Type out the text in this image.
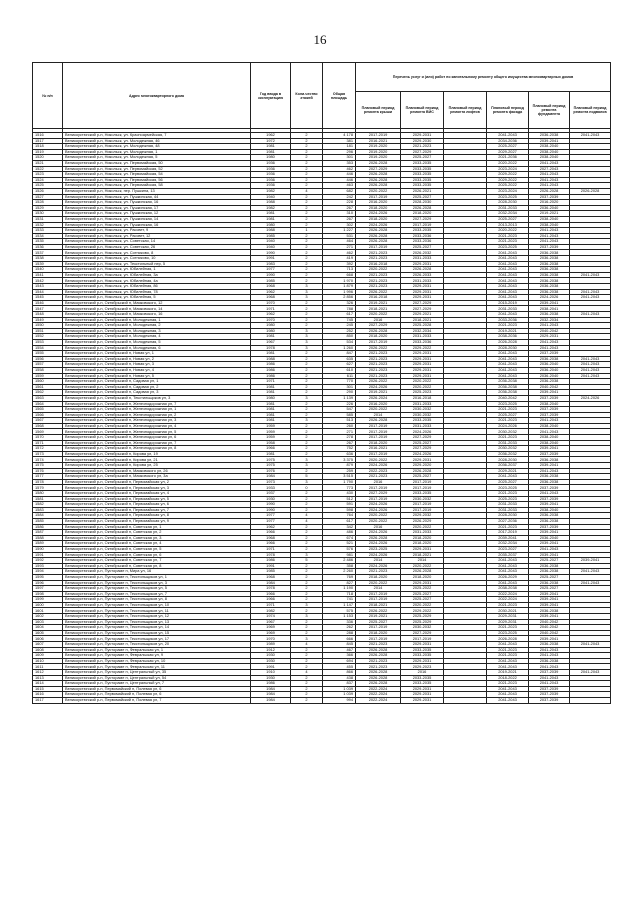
16
№ п/п	Адрес многоквартирного дома	Год ввода в эксплуатацию	Коли-чество этажей	Общая площадь	Перечень услуг и (или) работ по капитальному ремонту общего имущества многоквартирных домов					
					Плановый период ремонта крыши	Плановый период ремонта ВИС	Плановый период ремонта лифтов	Плановый период ремонта фасада	Плановый период ремонта фундамента	Плановый период ремонта подвалов

1516	Великоустюгский р-н, Никольск, ул. Красноармейская, 7	1962	2	4 178	2017-2019	2029-2031		2041-2043	2036-2038	2041-2043
1517	Великоустюгский р-н, Никольск, ул. Молодежная, 46	1972	2	381	2016-2021	2029-2030		2034-2036	2039-2041	
1518	Великоустюгский р-н, Никольск, ул. Молодежная, 48	1981	2	181	2019-2020	2021-2023		2025-2027	2038-2040	
1519	Великоустюгский р-н, Никольск, ул. Молодежная, 1	1981	2	296	2019-2020	2027-2029		2029-2027	2038-2040	
1520	Великоустюгский р-н, Никольск, ул. Молодежная, 5	1980	2	301	2019-2020	2025-2027		2021-2036	2038-2040	
1521	Великоустюгский р-н, Никольск, ул. Первомайская, 50	1936	2	353	2026-2028	2033-2035		2020-2022	2041-2043	
1522	Великоустюгский р-н, Никольск, ул. Первомайская, 52	1936	2	462	2027-2029	2033-2035		2023-2024	2027-2043	
1523	Великоустюгский р-н, Никольск, ул. Первомайская, 54	1936	2	446	2026-2028	2033-2035		2029-2022	2041-2043	
1524	Великоустюгский р-н, Никольск, ул. Первомайская, 56	1936	2	446	2026-2028	2033-2035		2029-2022	2041-2043	
1525	Великоустюгский р-н, Никольск, ул. Первомайская, 58	1936	2	463	2026-2028	2033-2035		2025-2022	2041-2043	
1526	Великоустюгский р-н, Никольск, пер. Пушкина, 13	1982	4	682	2020-2022	2026-2021		2023-2024	2026-2028	2026-2028
1527	Великоустюгский р-н, Никольск, ул. Пушкинская, 44	1940	2	242	2017-2019	2025-2027		2023-2025	2037-2039	
1528	Великоустюгский р-н, Никольск, ул. Пушкинская, 16	1988	2	228	2016-2020	2028-2030		2028-2030	2016-2020	
1529	Великоустюгский р-н, Никольск, ул. Пушкинская, 17	1982	2	267	2018-2020	2026-2028		2031-2033	2036-2040	
1530	Великоустюгский р-н, Никольск, ул. Пушкинская, 12	1981	2	310	2024-2026	2018-2020		2032-2034	2019-2021	
1531	Великоустюгский р-н, Никольск, ул. Пушкинская, 14	1981	2	267	2018-2020	2027-2029		2025-2027	2038-2040	
1532	Великоустюгский р-н, Никольск, ул. Пушкинская, 16	1980	2	302	2024-2026	2017-2019		2013-2013	2038-2040	
1533	Великоустюгский р-н, Никольск, ул. Рассвет, 9	1988	1	1 227	2026-2028	2033-2035		2020-2022	2041-2043	
1534	Великоустюгский р-н, Никольск, ул. Рассвет, 12	1985	2	531	2026-2028	2033-2036		2021-2023	2041-2043	
1535	Великоустюгский р-н, Никольск, ул. Советская, 14	1940	2	464	2026-2028	2033-2036		2021-2023	2041-2043	
1536	Великоустюгский р-н, Никольск, ул. Советская, 26	1940	2	271	2017-2019	2025-2027		2023-2025	2037-2039	
1537	Великоустюгский р-н, Никольск, ул. Сотниково, 8	1990	2	462	2021-2023	2026-2032		2041-2043	2036-2038	
1538	Великоустюгский р-н, Никольск, ул. Сотниково, 10	1991	2	419	2021-2023	2031-2033		2041-2043	2036-2038	
1539	Великоустюгский р-н, Никольск, ул. Текстильный пер, 5	1983	2	392	2016-2018	2029-2031		2041-2043	2036-2038	
1540	Великоустюгский р-н, Никольск, ул. Юбилейная, 1	1977	2	713	2020-2022	2026-2028		2041-2043	2036-2038	
1541	Великоустюгский р-н, Никольск, ул. Юбилейная, 3а	1990	2	668	2021-2023	2026-2033		2041-2043	2036-2038	2041-2043
1542	Великоустюгский р-н, Никольск, ул. Юбилейная, 4а	1985	2	1 970	2021-2023	2031-2033		2041-2043	2036-2038	
1543	Великоустюгский р-н, Никольск, ул. Юбилейная, 86	1968	3	1 879	2021-2023	2029-2031		2041-2043	2036-2038	
1544	Великоустюгский р-н, Никольск, ул. Юбилейная, 78	1962	3	1 996	2026-2022	2029-2031		2041-2043	2036-2038	2041-2043
1545	Великоустюгский р-н, Никольск, ул. Юбилейная, 5	1968	3	2 856	2016-2018	2029-2031		2041-2043	2024-2026	2041-2043
1546	Великоустюгский р-н, Октябрьский п, Маяковского, 12	1970	2	326	2019-2021	2027-2029		2015-2019	2039-2041	
1547	Великоустюгский р-н, Октябрьский п, Маяковского, 14	1971	2	788	2018-2021	2027-2029		2031-2033	2038-2041	
1548	Великоустюгский р-н, Октябрьский п, Маяковского, 16	1962	2	617	2020-2022	2029-2021		2041-2043	2036-2038	2041-2043
1549	Великоустюгский р-н, Октябрьский п, Молодежная, 1	1970	2	745	2016	2018-2021		2033-2036	2032-2034	
1550	Великоустюгский р-н, Октябрьский п, Молодежная, 2	1980	2	245	2027-2029	2025-2028		2021-2023	2041-2043	
1551	Великоустюгский р-н, Октябрьский п, Молодежная, 3	1980	3	252	2026-2028	2032-2034		2019-2021	2040-2042	
1552	Великоустюгский р-н, Октябрьский п, Молодежная, 4	1981	3	850	2018-2020	2031-2033		2038-2036	2029-2031	
1553	Великоустюгский р-н, Октябрьский п, Молодежная, 5	1967	3	534	2017-2019	2033-2036		2026-2028	2041-2043	
1554	Великоустюгский р-н, Октябрьский п, Молодежная, 6	1978	3	1 260	2026-2022	2029-2022		2028-2030	2041-2043	
1555	Великоустюгский р-н, Октябрьский п, Новая ул, 1	1981	2	847	2021-2023	2029-2031		2041-2043	2037-2039	
1556	Великоустюгский р-н, Октябрьский п, Новая ул, 2	1988	2	635	2021-2023	2029-2031		2041-2043	2036-2038	2041-2043
1557	Великоустюгский р-н, Октябрьский п, Новая ул, 3	1986	2	627	2021-2023	2029-2031		2041-2043	2036-2040	2041-2043
1558	Великоустюгский р-н, Октябрьский п, Новая ул, 4	1986	2	610	2021-2023	2029-2031		2041-2043	2036-2040	2041-2043
1559	Великоустюгский р-н, Октябрьский п, Новая ул, 5	1986	2	611	2021-2023	2029-2031		2041-2043	2036-2040	2041-2043
1560	Великоустюгский р-н, Октябрьский п, Садовая ул, 1	1971	2	770	2026-2022	2020-2022		2036-2038	2036-2038	
1561	Великоустюгский р-н, Октябрьский п, Садовая ул, 2	1981	2	301	2024-2026	2020-2022		2036-2038	2040-2042	
1562	Великоустюгский р-н, Октябрьский п, Садовая ул, 3	1981	2	290	2019-2021	2025-2023		2036-2038	2039-2041	
1563	Великоустюгский р-н, Октябрьский п, Текстильщиков ул, 3	1980	3	1 139	2026-2024	2016-2018		2040-2042	2037-2039	2024-2026
1564	Великоустюгский р-н, Октябрьский п, Железнодорожная ул, 7	1981	2	226	2016-2020	2031-2033		2023-2025	2038-2040	
1565	Великоустюгский р-н, Октябрьский п, Железнодорожная ул, 1	1981	2	547	2020-2022	2030-2032		2021-2023	2037-2039	
1566	Великоустюгский р-н, Октябрьский п, Железнодорожная ул, 2	1981	2	585	2014	2030-2032		2025-2027	2037-2039	
1567	Великоустюгский р-н, Октябрьский п, Железнодорожная ул, 3	1981	3	513	2026-2028	2033-2035		2021-2023	2041-2043	
1568	Великоустюгский р-н, Октябрьский п, Железнодорожная ул, 4	1959	2	260	2017-2019	2031-2033		2024-2026	2038-2040	
1569	Великоустюгский р-н, Октябрьский п, Железнодорожная ул, 5	1959	2	271	2017-2019	2024-2026		2030-2032	2041-2043	
1570	Великоустюгский р-н, Октябрьский п, Железнодорожная ул, 6	1959	2	278	2017-2019	2027-2029		2021-2023	2038-2040	
1571	Великоустюгский р-н, Октябрьский п, Железнодорожная ул, 7	1958	2	267	2018-2020	2025-2027		2031-2033	2038-2040	
1572	Великоустюгский р-н, Октябрьский п, Железнодорожная ул, 8	1966	2	752	2016-2021	2027-2029		2030-2032	2039-2041	
1573	Великоустюгский р-н, Октябрьский п, Кирова ул, 19	1981	2	636	2017-2019	2024-2026		2036-2032	2037-2039	
1574	Великоустюгский р-н, Октябрьский п, Кирова ул, 21	1975	3	3 375	2020-2022	2029-2031		2028-2030	2036-2038	
1575	Великоустюгский р-н, Октябрьский п, Кирова ул, 25	1975	3	879	2024-2026	2029-2020		2036-2037	2039-2041	
1576	Великоустюгский р-н, Октябрьский п, Маяковского ул, 26	1976	2	259	2022-2023	2026-2028		2029-2021	2041-2043	
1577	Великоустюгский р-н, Октябрьский п, Маяковского ул, 3а	1984	5	3 515	2021-2023	2025-2027		2041-2043	2036-2038	
1578	Великоустюгский р-н, Октябрьский п, Первомайская ул, 2	1973	3	1 790	2016	2017-2019		2025-2027	2036-2038	
1579	Великоустюгский р-н, Октябрьский п, Первомайская ул, 3	1933	0	773	2017-2019	2017-2019		2023-2025	2037-2039	
1580	Великоустюгский р-н, Октябрьский п, Первомайская ул, 4	1937	2	430	2027-2029	2033-2035		2021-2023	2041-2043	
1581	Великоустюгский р-н, Октябрьский п, Первомайская ул, 5	1930	2	512	2017-2019	2030-2032		2025-2023	2037-2039	
1582	Великоустюгский р-н, Октябрьский п, Первомайская ул, 6	1990	2	591	2024-2026	2017-2019		2031-2033	2039-2041	
1583	Великоустюгский р-н, Октябрьский п, Первомайская ул, 7	1990	2	598	2024-2026	2017-2019		2031-2033	2038-2040	
1584	Великоустюгский р-н, Октябрьский п, Первомайская ул, 8	1977	4	764	2020-2022	2029-2032		2028-2030	2036-2038	
1585	Великоустюгский р-н, Октябрьский п, Первомайская ул, 9	1977	4	617	2020-2022	2026-2029		2027-2036	2036-2038	
1586	Великоустюгский р-н, Октябрьский п, Советская ул, 1	1962	2	342	2016	2020-2022		2021-2023	2037-2039	
1587	Великоустюгский р-н, Октябрьский п, Советская ул, 2	1966	2	486	2024-2026	2031-2033		2017-2019	2039-2041	
1588	Великоустюгский р-н, Октябрьский п, Советская ул, 3	1968	2	674	2026-2028	2018-2020		2039-2041	2036-2040	
1589	Великоустюгский р-н, Октябрьский п, Советская ул, 4	1966	2	521	2024-2026	2018-2020		2032-2034	2039-2041	
1590	Великоустюгский р-н, Октябрьский п, Советская ул, 5	1971	2	576	2023-2025	2029-2031		2023-2027	2041-2043	
1591	Великоустюгский р-н, Октябрьский п, Советская ул, 6	1978	3	981	2024-2026	2018-2021		2035-2037	2039-2041	
1592	Великоустюгский р-н, Октябрьский п, Советская ул, 7	1986	5	2 486	2014	2014		2041-2043	2025-2027	2039-2041
1593	Великоустюгский р-н, Октябрьский п, Советская ул, 8	1991	2	358	2024-2026	2020-2022		2041-2043	2036-2038	
1594	Великоустюгский р-н, Пустораме п, Мира ул, 16	1985	2	2 260	2021-2023	2026-2028		2041-2043	2036-2038	2041-2043
1595	Великоустюгский р-н, Пустораме п, Текстильщиков ул, 1	1968	2	769	2018-2020	2018-2020		2026-2029	2025-2027	
1596	Великоустюгский р-н, Пустораме п, Текстильщиков ул, 3	1984	2	827	2020-2022	2029-2031		2041-2043	2036-2038	2041-2043
1597	Великоустюгский р-н, Пустораме п, Текстильщиков ул, 5	1978	2	1 190	2014	2025-2022		2038-2038	2025-2027	
1598	Великоустюгский р-н, Пустораме п, Текстильщиков ул, 7	1966	2	718	2017-2019	2025-2027		2022-2024	2039-2041	
1599	Великоустюгский р-н, Пустораме п, Текстильщиков ул, 8	1966	2	741	2017-2019	2025-2027		2022-2024	2039-2041	
1600	Великоустюгский р-н, Пустораме п, Текстильщиков ул, 10	1971	3	1 147	2018-2021	2020-2022		2021-2023	2039-2041	
1601	Великоустюгский р-н, Пустораме п, Текстильщиков ул, 11	1982	2	575	2026-2022	2029-2022		2030-2021	2036-2038	
1602	Великоустюгский р-н, Пустораме п, Текстильщиков ул, 12	1974	3	1 153	2019-2021	2025-2029		2029-2031	2039-2041	
1603	Великоустюгский р-н, Пустораме п, Текстильщиков ул, 13	1967	2	336	2025-2027	2025-2029		2029-2031	2040-2042	
1604	Великоустюгский р-н, Пустораме п, Текстильщиков ул, 14	1969	2	262	2017-2019	2030-2032		2021-2023	2040-2042	
1605	Великоустюгский р-н, Пустораме п, Текстильщиков ул, 15	1969	2	288	2018-2020	2027-2029		2023-2025	2040-2042	
1606	Великоустюгский р-н, Пустораме п, Текстильщиков ул, 17	1970	3	666	2017-2019	2017-2019		2026-2028	2039-2041	
1607	Великоустюгский р-н, Пустораме п, Текстильщиков ул, 20	1989	4	845	2021-2023	2029-2031		2041-2043	2036-2038	2041-2043
1608	Великоустюгский р-н, Пустораме п, Февральская ул, 1	1912	2	467	2026-2028	2033-2035		2021-2023	2041-2043	
1609	Великоустюгский р-н, Пустораме п, Февральская ул, 9	1930	2	366	2026-2028	2033-2035		2021-2023	2041-2043	
1610	Великоустюгский р-н, Пустораме п, Февральская ул, 10	1930	2	694	2021-2023	2029-2031		2041-2043	2036-2038	
1611	Великоустюгский р-н, Пустораме п, Февральская ул, 11	1991	2	455	2021-2023	2029-2023		2041-2043	2041-2043	
1612	Великоустюгский р-н, Пустораме п, Центральный ул, 35	1910	4	866	2026-2028	2016		2019-2021	2037-2039	2041-2043
1613	Великоустюгский р-н, Пустораме п, Центральный ул, 54	1930	2	438	2026-2028	2033-2035		2018-2022	2041-2043	
1614	Великоустюгский р-н, Пустораме п, Центральный ул, 7	1986	2	837	2026-2028	2033-2035		2021-2023	2041-2043	
1615	Великоустюгский р-н, Первомайский п, Полевая ул, 6	1984	2	1 039	2022-2024	2029-2031		2041-2043	2037-2039	
1616	Великоустюгский р-н, Первомайский п, Полевая ул, 6	1984	2	1 039	2022-2024	2029-2031		2041-2043	2037-2039	
1617	Великоустюгский р-н, Первомайский п, Полевая ул, 7	1984	2	994	2022-2024	2029-2031		2041-2043	2037-2039	
